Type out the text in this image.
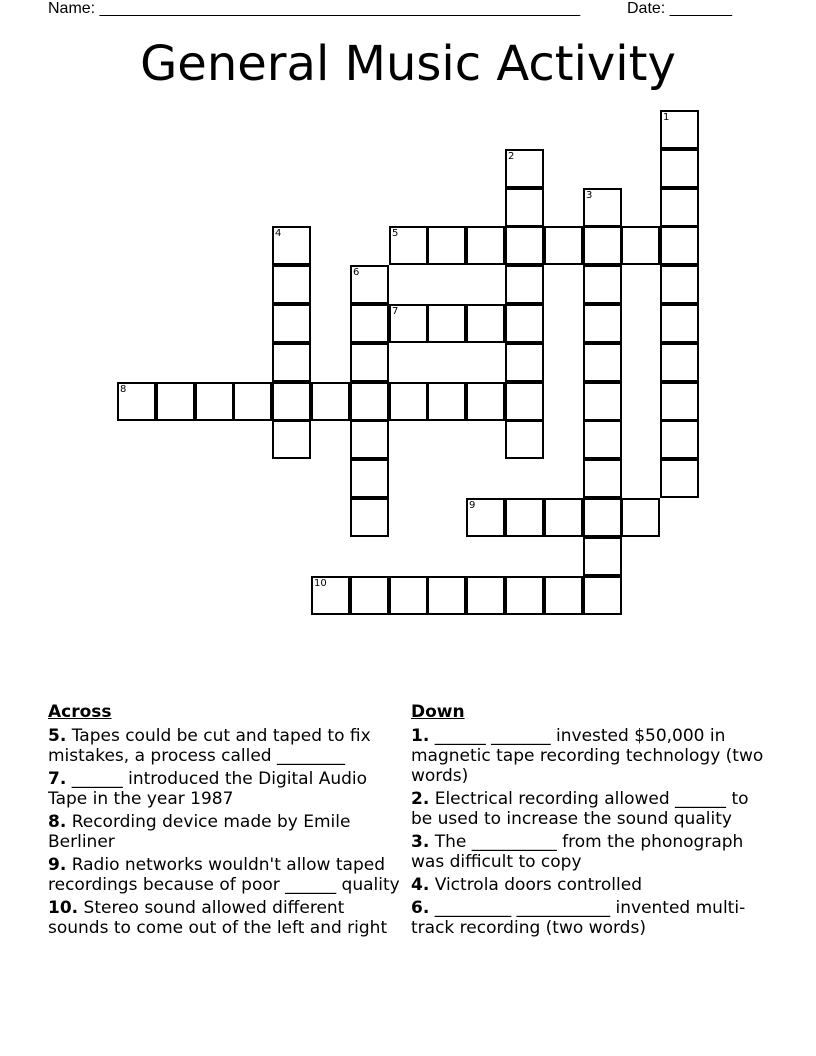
Name: ______________________________________________________	Date: _______
General Music Activity
1
2
3
4	5
6
7
8
9
10
Across
5. Tapes could be cut and taped to fix mistakes, a process called ________
7. ______ introduced the Digital Audio Tape in the year 1987
8. Recording device made by Emile Berliner
9. Radio networks wouldn't allow taped recordings because of poor ______ quality
10. Stereo sound allowed different sounds to come out of the left and right
Down
1. ______ _______ invested $50,000 in magnetic tape recording technology (two words)
2. Electrical recording allowed ______ to be used to increase the sound quality
3. The __________ from the phonograph was difficult to copy
4. Victrola doors controlled
6. _________ ___________ invented multi-track recording (two words)
